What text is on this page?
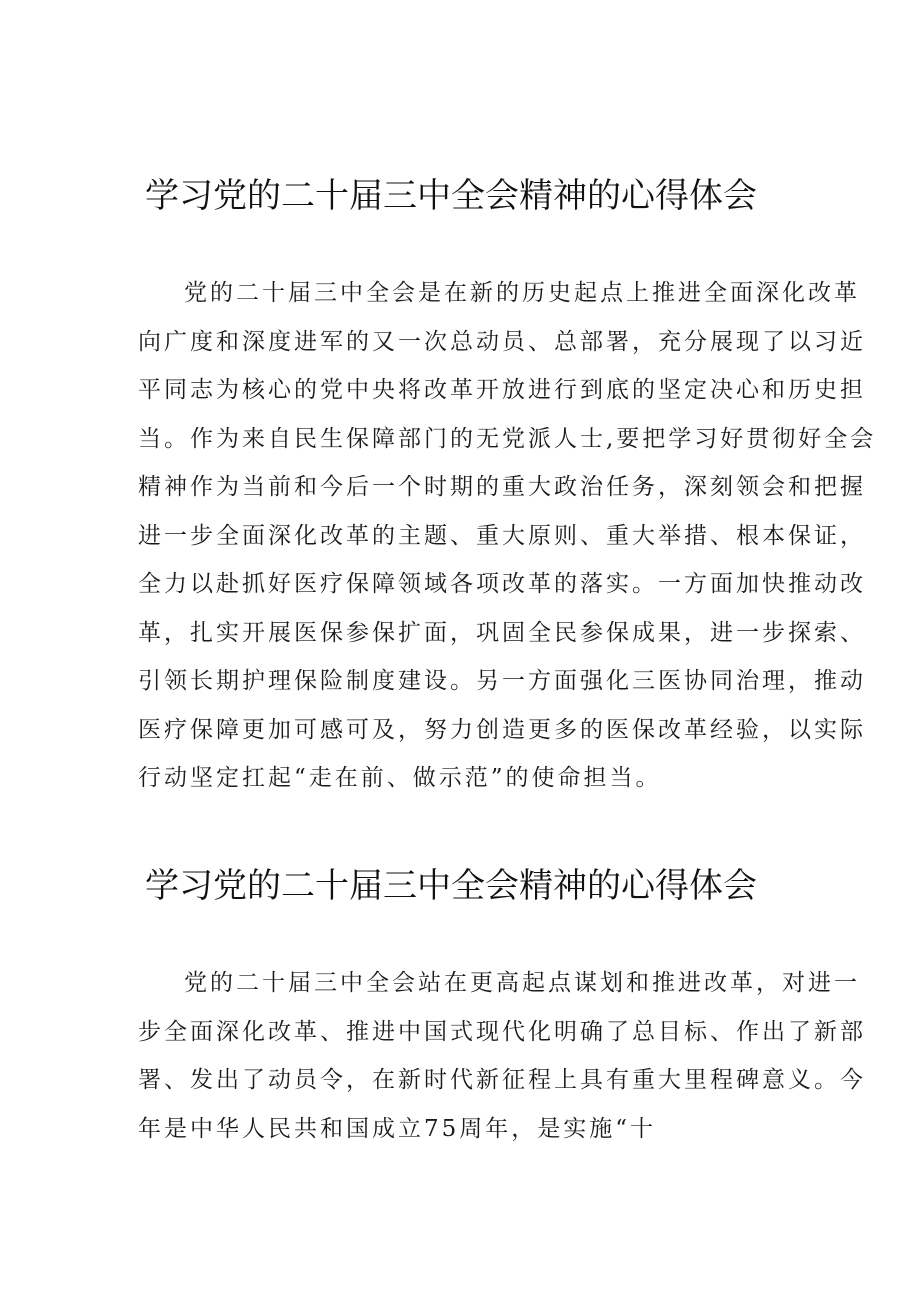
学习党的二十届三中全会精神的心得体会
党的二十届三中全会是在新的历史起点上推进全面深化改革
向广度和深度进军的又一次总动员、总部署，充分展现了以习近
平同志为核心的党中央将改革开放进行到底的坚定决心和历史担
当。作为来自民生保障部门的无党派人士,要把学习好贯彻好全会
精神作为当前和今后一个时期的重大政治任务，深刻领会和把握
进一步全面深化改革的主题、重大原则、重大举措、根本保证，
全力以赴抓好医疗保障领域各项改革的落实。一方面加快推动改
革，扎实开展医保参保扩面，巩固全民参保成果，进一步探索、
引领长期护理保险制度建设。另一方面强化三医协同治理，推动
医疗保障更加可感可及，努力创造更多的医保改革经验，以实际
行动坚定扛起“走在前、做示范”的使命担当。
学习党的二十届三中全会精神的心得体会
党的二十届三中全会站在更高起点谋划和推进改革，对进一
步全面深化改革、推进中国式现代化明确了总目标、作出了新部
署、发出了动员令，在新时代新征程上具有重大里程碑意义。今
年是中华人民共和国成立75周年，是实施“十
